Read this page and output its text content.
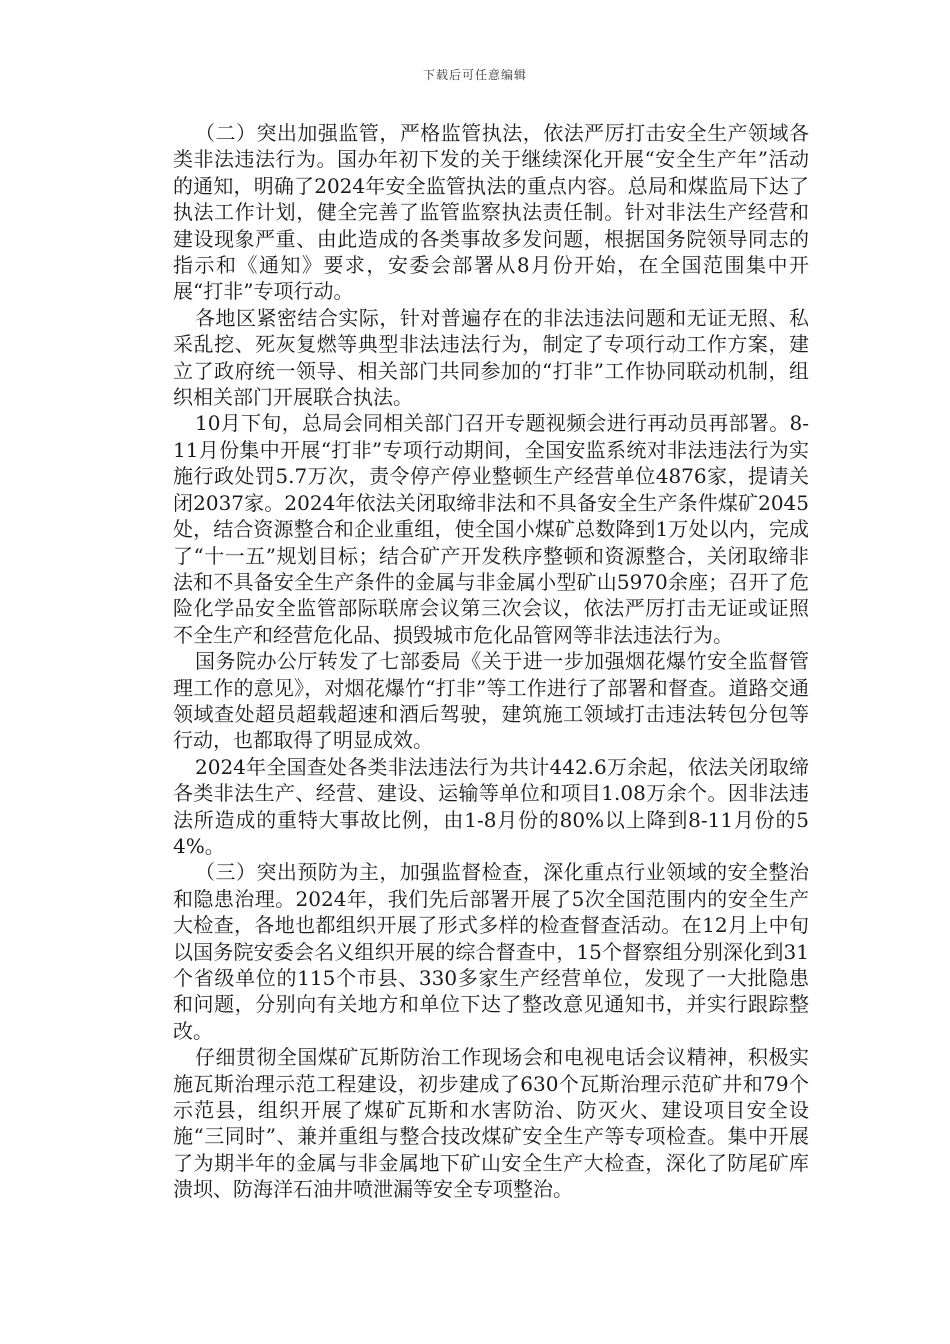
下载后可任意编辑

（二）突出加强监管，严格监管执法，依法严厉打击安全生产领域各类非法违法行为。国办年初下发的关于继续深化开展“安全生产年”活动的通知，明确了2024年安全监管执法的重点内容。总局和煤监局下达了执法工作计划，健全完善了监管监察执法责任制。针对非法生产经营和建设现象严重、由此造成的各类事故多发问题，根据国务院领导同志的指示和《通知》要求，安委会部署从8月份开始，在全国范围集中开展“打非”专项行动。

各地区紧密结合实际，针对普遍存在的非法违法问题和无证无照、私采乱挖、死灰复燃等典型非法违法行为，制定了专项行动工作方案，建立了政府统一领导、相关部门共同参加的“打非”工作协同联动机制，组织相关部门开展联合执法。

10月下旬，总局会同相关部门召开专题视频会进行再动员再部署。8-11月份集中开展“打非”专项行动期间，全国安监系统对非法违法行为实施行政处罚5.7万次，责令停产停业整顿生产经营单位4876家，提请关闭2037家。2024年依法关闭取缔非法和不具备安全生产条件煤矿2045处，结合资源整合和企业重组，使全国小煤矿总数降到1万处以内，完成了“十一五”规划目标；结合矿产开发秩序整顿和资源整合，关闭取缔非法和不具备安全生产条件的金属与非金属小型矿山5970余座；召开了危险化学品安全监管部际联席会议第三次会议，依法严厉打击无证或证照不全生产和经营危化品、损毁城市危化品管网等非法违法行为。

国务院办公厅转发了七部委局《关于进一步加强烟花爆竹安全监督管理工作的意见》，对烟花爆竹“打非”等工作进行了部署和督查。道路交通领域查处超员超载超速和酒后驾驶，建筑施工领域打击违法转包分包等行动，也都取得了明显成效。

2024年全国查处各类非法违法行为共计442.6万余起，依法关闭取缔各类非法生产、经营、建设、运输等单位和项目1.08万余个。因非法违法所造成的重特大事故比例，由1-8月份的80%以上降到8-11月份的54%。

（三）突出预防为主，加强监督检查，深化重点行业领域的安全整治和隐患治理。2024年，我们先后部署开展了5次全国范围内的安全生产大检查，各地也都组织开展了形式多样的检查督查活动。在12月上中旬以国务院安委会名义组织开展的综合督查中，15个督察组分别深化到31个省级单位的115个市县、330多家生产经营单位，发现了一大批隐患和问题，分别向有关地方和单位下达了整改意见通知书，并实行跟踪整改。

仔细贯彻全国煤矿瓦斯防治工作现场会和电视电话会议精神，积极实施瓦斯治理示范工程建设，初步建成了630个瓦斯治理示范矿井和79个示范县，组织开展了煤矿瓦斯和水害防治、防灭火、建设项目安全设施“三同时”、兼并重组与整合技改煤矿安全生产等专项检查。集中开展了为期半年的金属与非金属地下矿山安全生产大检查，深化了防尾矿库溃坝、防海洋石油井喷泄漏等安全专项整治。
